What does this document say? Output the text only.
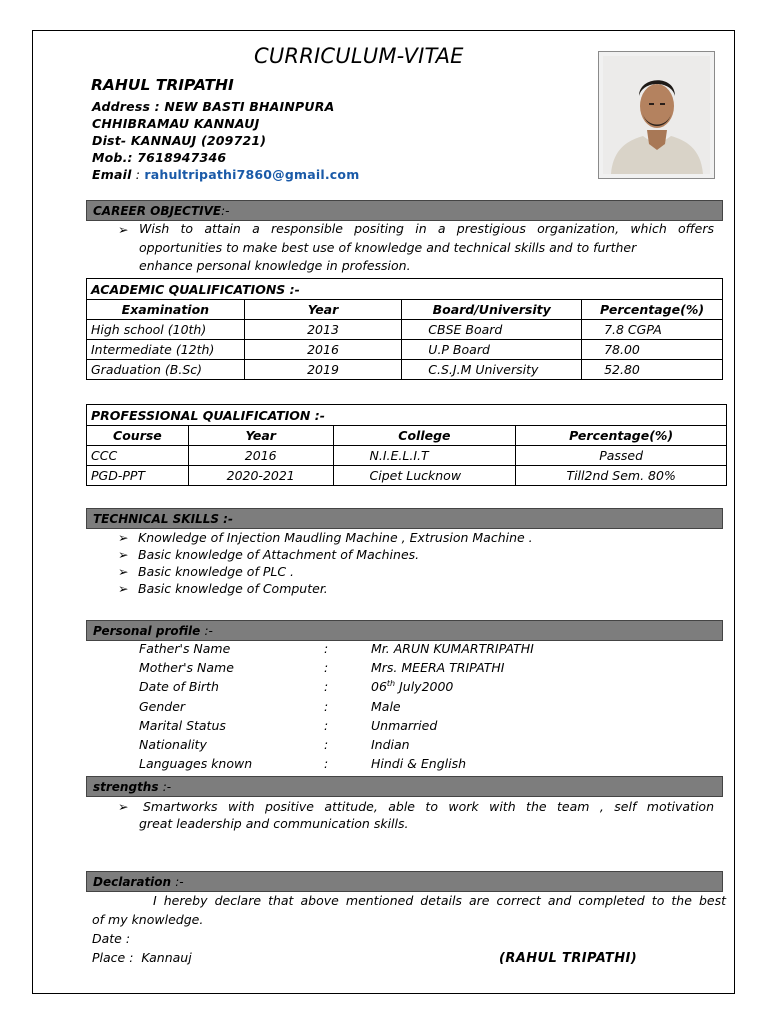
CURRICULUM-VITAE
RAHUL TRIPATHI
Address : NEW BASTI BHAINPURA
CHHIBRAMAU KANNAUJ
Dist- KANNAUJ (209721)
Mob.: 7618947346
Email : rahultripathi7860@gmail.com
CAREER OBJECTIVE:-
➢ Wish to attain a responsible positing in a prestigious organization, which offers
opportunities to make best use of knowledge and technical skills and to further
enhance personal knowledge in profession.
ACADEMIC QUALIFICATIONS :-			
Examination	Year	Board/University	Percentage(%)
High school (10th)	2013	CBSE Board	7.8 CGPA
Intermediate (12th)	2016	U.P Board	78.00
Graduation (B.Sc)	2019	C.S.J.M University	52.80
PROFESSIONAL QUALIFICATION :-			
Course	Year	College	Percentage(%)
CCC	2016	N.I.E.L.I.T	Passed
PGD-PPT	2020-2021	Cipet Lucknow	Till2nd Sem. 80%
TECHNICAL SKILLS :-
➢ Knowledge of Injection Maudling Machine , Extrusion Machine .
➢ Basic knowledge of Attachment of Machines.
➢ Basic knowledge of PLC .
➢ Basic knowledge of Computer.
Personal profile :-
Father's Name	:	Mr. ARUN KUMARTRIPATHI
Mother's Name	:	Mrs. MEERA TRIPATHI
Date of Birth	:	06th July2000
Gender	:	Male
Marital Status	:	Unmarried
Nationality	:	Indian
Languages known	:	Hindi & English
strengths :-
➢	Smartworks with positive attitude, able to work with the team , self motivation
great leadership and communication skills.
Declaration :-
I hereby declare that above mentioned details are correct and completed to the best
of my knowledge.
Date :
Place :  Kannauj	(RAHUL TRIPATHI)
